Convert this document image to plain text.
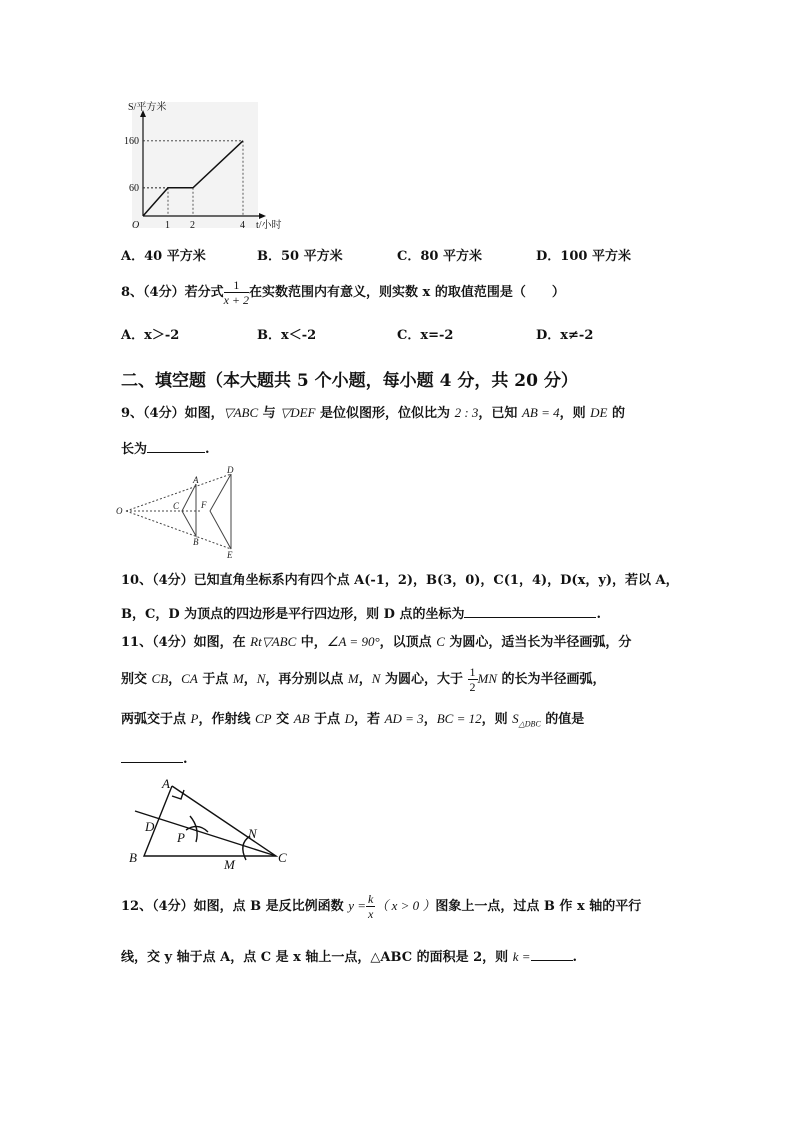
1 2	4
60
160
O
S/平方米
t/小时
A．40 平方米	B．50 平方米	C．80 平方米	D．100 平方米
8、（4分）若分式 $\frac{1}{x + 2}$ 在实数范围内有意义，则实数 x 的取值范围是（　　）
A．x＞-2	B．x＜-2	C．x=-2	D．x≠-2
二、填空题（本大题共 5 个小题，每小题 4 分，共 20 分）
9、（4分）如图，▽ABC 与 ▽DEF 是位似图形，位似比为 2 : 3，已知 AB = 4，则 DE 的
长为	.
O
A
B
C
D
E
F
10、（4分）已知直角坐标系内有四个点 A(-1，2)，B(3，0)，C(1，4)，D(x，y)，若以 A，
B，C，D 为顶点的四边形是平行四边形，则 D 点的坐标为	.
11、（4分）如图，在 Rt▽ABC 中，∠A = 90°，以顶点 C 为圆心，适当长为半径画弧，分
别交 CB，CA 于点 M，N，再分别以点 M，N 为圆心，大于 $\frac{1}{2}$ MN 的长为半径画弧，
两弧交于点 P，作射线 CP 交 AB 于点 D，若 AD = 3，BC = 12，则 $S_{\triangle DBC}$ 的值是
.
A
B	C
D
P
M
N
12、（4分）如图，点 B 是反比例函数 $y = \frac{k}{x}$ （ x > 0 ）图象上一点，过点 B 作 x 轴的平行
线，交 y 轴于点 A，点 C 是 x 轴上一点，△ABC 的面积是 2，则 k =	.
